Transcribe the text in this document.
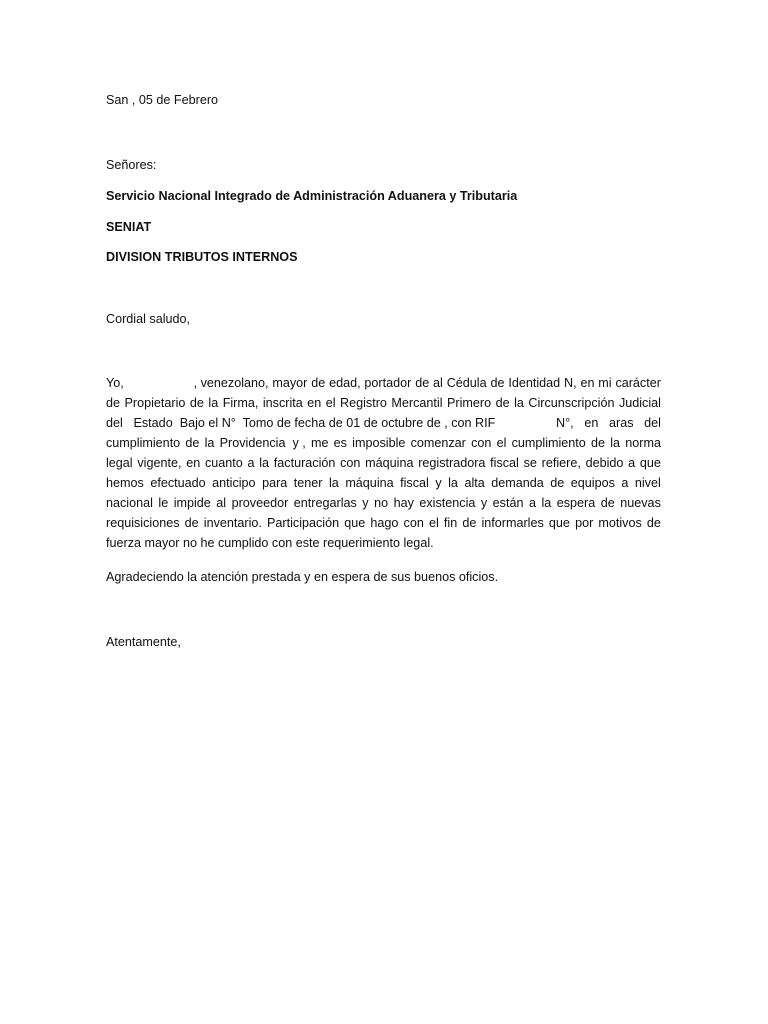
San , 05 de Febrero

Señores:

Servicio Nacional Integrado de Administración Aduanera y Tributaria

SENIAT

DIVISION TRIBUTOS INTERNOS

Cordial saludo,

Yo,	, venezolano, mayor de edad, portador de al Cédula de Identidad N, en mi carácter
de Propietario de la Firma, inscrita en el Registro Mercantil Primero de la Circunscripción Judicial
del Estado  Bajo el N°  Tomo de fecha de 01 de octubre de , con RIF	N°, en aras del
cumplimiento de la Providencia  y , me es imposible comenzar con el cumplimiento de la norma
legal vigente, en cuanto a la facturación con máquina registradora fiscal se refiere, debido a que
hemos efectuado anticipo para tener la máquina fiscal y la alta demanda de equipos a nivel
nacional le impide al proveedor entregarlas y no hay existencia y están a la espera de nuevas
requisiciones de inventario. Participación que hago con el fin de informarles que por motivos de
fuerza mayor no he cumplido con este requerimiento legal.

Agradeciendo la atención prestada y en espera de sus buenos oficios.

Atentamente,
